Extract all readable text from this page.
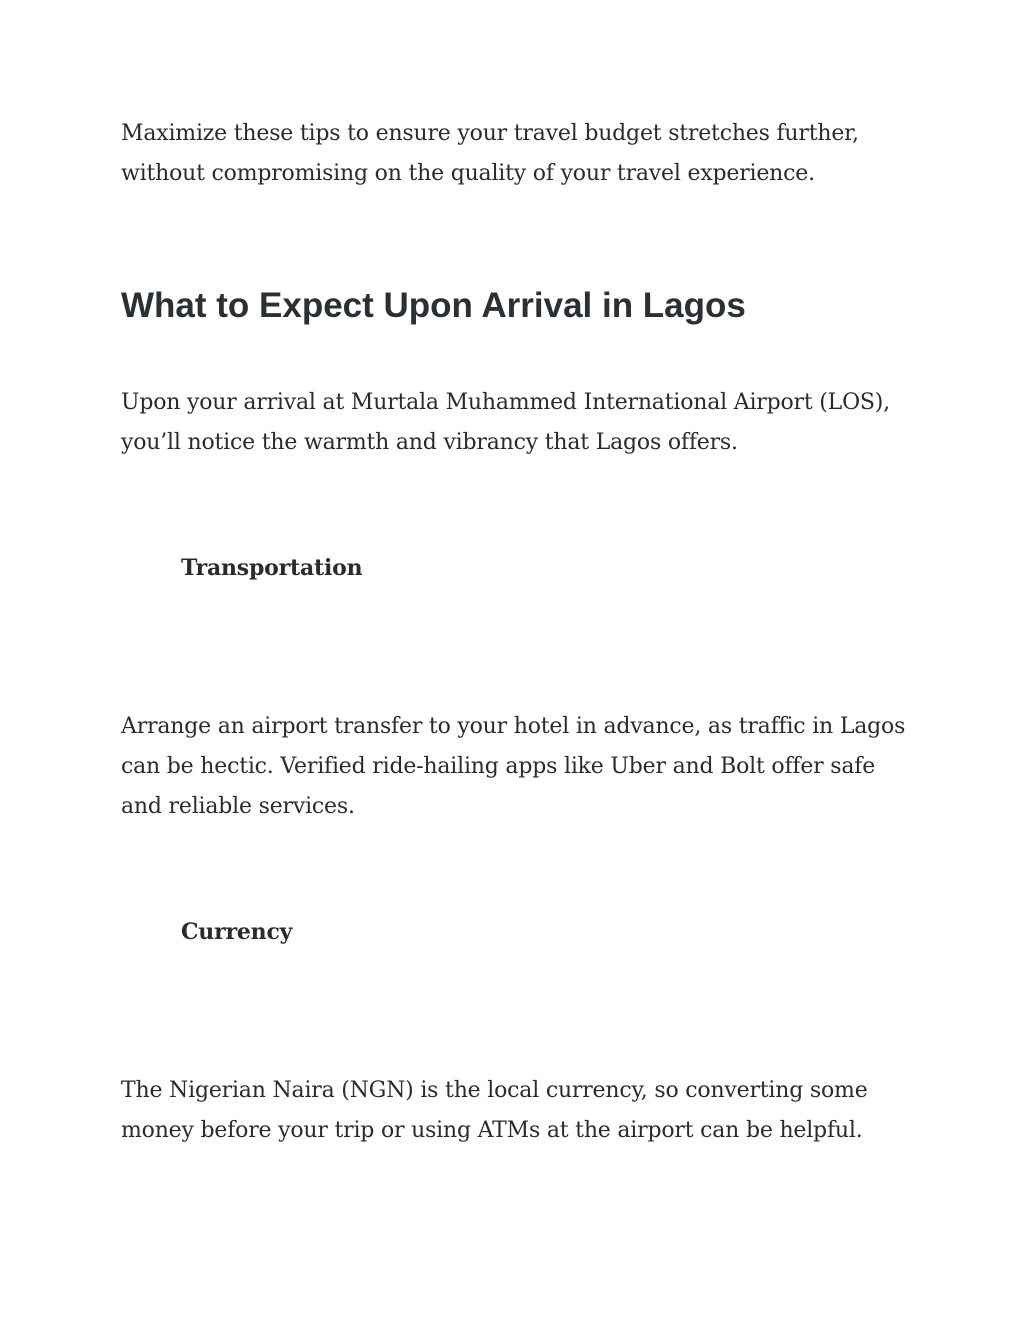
Maximize these tips to ensure your travel budget stretches further, without compromising on the quality of your travel experience.

What to Expect Upon Arrival in Lagos

Upon your arrival at Murtala Muhammed International Airport (LOS), you’ll notice the warmth and vibrancy that Lagos offers.

Transportation

Arrange an airport transfer to your hotel in advance, as traffic in Lagos can be hectic. Verified ride-hailing apps like Uber and Bolt offer safe and reliable services.

Currency

The Nigerian Naira (NGN) is the local currency, so converting some money before your trip or using ATMs at the airport can be helpful.
